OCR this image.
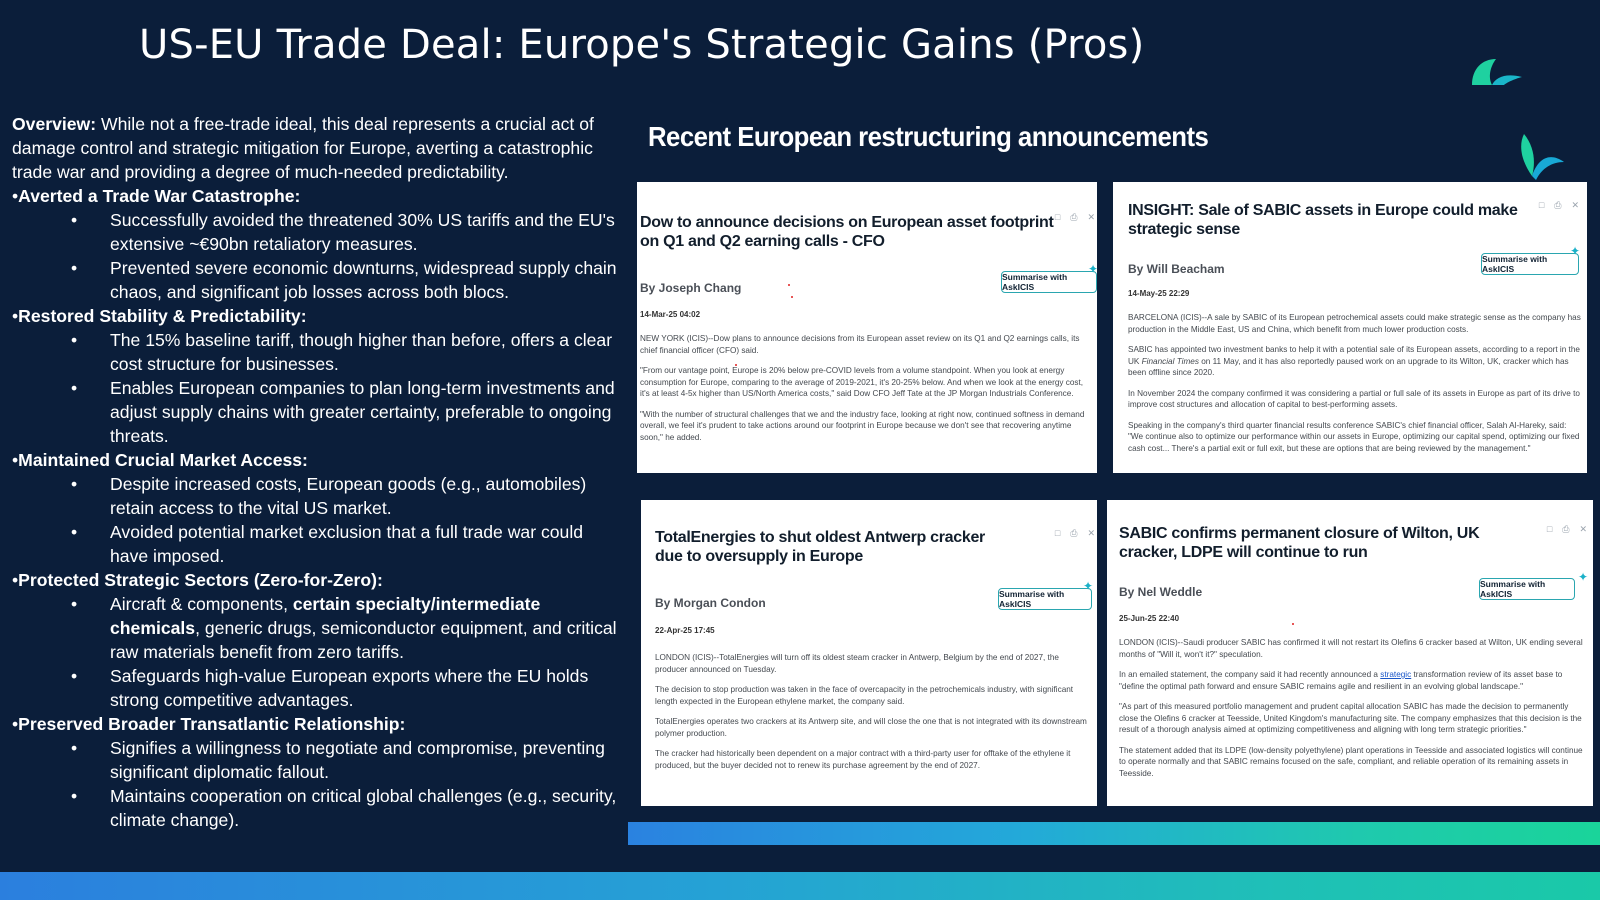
US-EU Trade Deal: Europe's Strategic Gains (Pros)

Overview: While not a free-trade ideal, this deal represents a crucial act of damage control and strategic mitigation for Europe, averting a catastrophic trade war and providing a degree of much-needed predictability.

•Averted a Trade War Catastrophe:

• Successfully avoided the threatened 30% US tariffs and the EU's extensive ~€90bn retaliatory measures.
• Prevented severe economic downturns, widespread supply chain chaos, and significant job losses across both blocs.

•Restored Stability & Predictability:

• The 15% baseline tariff, though higher than before, offers a clear cost structure for businesses.
• Enables European companies to plan long-term investments and adjust supply chains with greater certainty, preferable to ongoing threats.

•Maintained Crucial Market Access:

• Despite increased costs, European goods (e.g., automobiles) retain access to the vital US market.
• Avoided potential market exclusion that a full trade war could have imposed.

•Protected Strategic Sectors (Zero-for-Zero):

• Aircraft & components, certain specialty/intermediate chemicals, generic drugs, semiconductor equipment, and critical raw materials benefit from zero tariffs.
• Safeguards high-value European exports where the EU holds strong competitive advantages.

•Preserved Broader Transatlantic Relationship:

• Signifies a willingness to negotiate and compromise, preventing significant diplomatic fallout.
• Maintains cooperation on critical global challenges (e.g., security, climate change).
Recent European restructuring announcements
□ ⎙ ✕
Dow to announce decisions on European asset footprint on Q1 and Q2 earning calls - CFO
By Joseph Chang
14-Mar-25 04:02
Summarise with AskICIS
✦

NEW YORK (ICIS)--Dow plans to announce decisions from its European asset review on its Q1 and Q2 earnings calls, its chief financial officer (CFO) said.

"From our vantage point, Europe is 20% below pre-COVID levels from a volume standpoint. When you look at energy consumption for Europe, comparing to the average of 2019-2021, it's 20-25% below. And when we look at the energy cost, it's at least 4-5x higher than US/North America costs," said Dow CFO Jeff Tate at the JP Morgan Industrials Conference.

"With the number of structural challenges that we and the industry face, looking at right now, continued softness in demand overall, we feel it's prudent to take actions around our footprint in Europe because we don't see that recovering anytime soon," he added.

□ ⎙ ✕
INSIGHT: Sale of SABIC assets in Europe could make strategic sense
By Will Beacham
14-May-25 22:29
Summarise with AskICIS
✦

BARCELONA (ICIS)--A sale by SABIC of its European petrochemical assets could make strategic sense as the company has production in the Middle East, US and China, which benefit from much lower production costs.

SABIC has appointed two investment banks to help it with a potential sale of its European assets, according to a report in the UK Financial Times on 11 May, and it has also reportedly paused work on an upgrade to its Wilton, UK, cracker which has been offline since 2020.

In November 2024 the company confirmed it was considering a partial or full sale of its assets in Europe as part of its drive to improve cost structures and allocation of capital to best-performing assets.

Speaking in the company's third quarter financial results conference SABIC's chief financial officer, Salah Al-Hareky, said: "We continue also to optimize our performance within our assets in Europe, optimizing our capital spend, optimizing our fixed cash cost... There's a partial exit or full exit, but these are options that are being reviewed by the management."

□ ⎙ ✕
TotalEnergies to shut oldest Antwerp cracker due to oversupply in Europe
By Morgan Condon
22-Apr-25 17:45
Summarise with AskICIS
✦

LONDON (ICIS)--TotalEnergies will turn off its oldest steam cracker in Antwerp, Belgium by the end of 2027, the producer announced on Tuesday.

The decision to stop production was taken in the face of overcapacity in the petrochemicals industry, with significant length expected in the European ethylene market, the company said.

TotalEnergies operates two crackers at its Antwerp site, and will close the one that is not integrated with its downstream polymer production.

The cracker had historically been dependent on a major contract with a third-party user for offtake of the ethylene it produced, but the buyer decided not to renew its purchase agreement by the end of 2027.

□ ⎙ ✕
SABIC confirms permanent closure of Wilton, UK cracker, LDPE will continue to run
By Nel Weddle
25-Jun-25 22:40
Summarise with AskICIS
✦

LONDON (ICIS)--Saudi producer SABIC has confirmed it will not restart its Olefins 6 cracker based at Wilton, UK ending several months of "Will it, won't it?" speculation.

In an emailed statement, the company said it had recently announced a strategic transformation review of its asset base to "define the optimal path forward and ensure SABIC remains agile and resilient in an evolving global landscape."

"As part of this measured portfolio management and prudent capital allocation SABIC has made the decision to permanently close the Olefins 6 cracker at Teesside, United Kingdom's manufacturing site. The company emphasizes that this decision is the result of a thorough analysis aimed at optimizing competitiveness and aligning with long term strategic priorities."

The statement added that its LDPE (low-density polyethylene) plant operations in Teesside and associated logistics will continue to operate normally and that SABIC remains focused on the safe, compliant, and reliable operation of its remaining assets in Teesside.
